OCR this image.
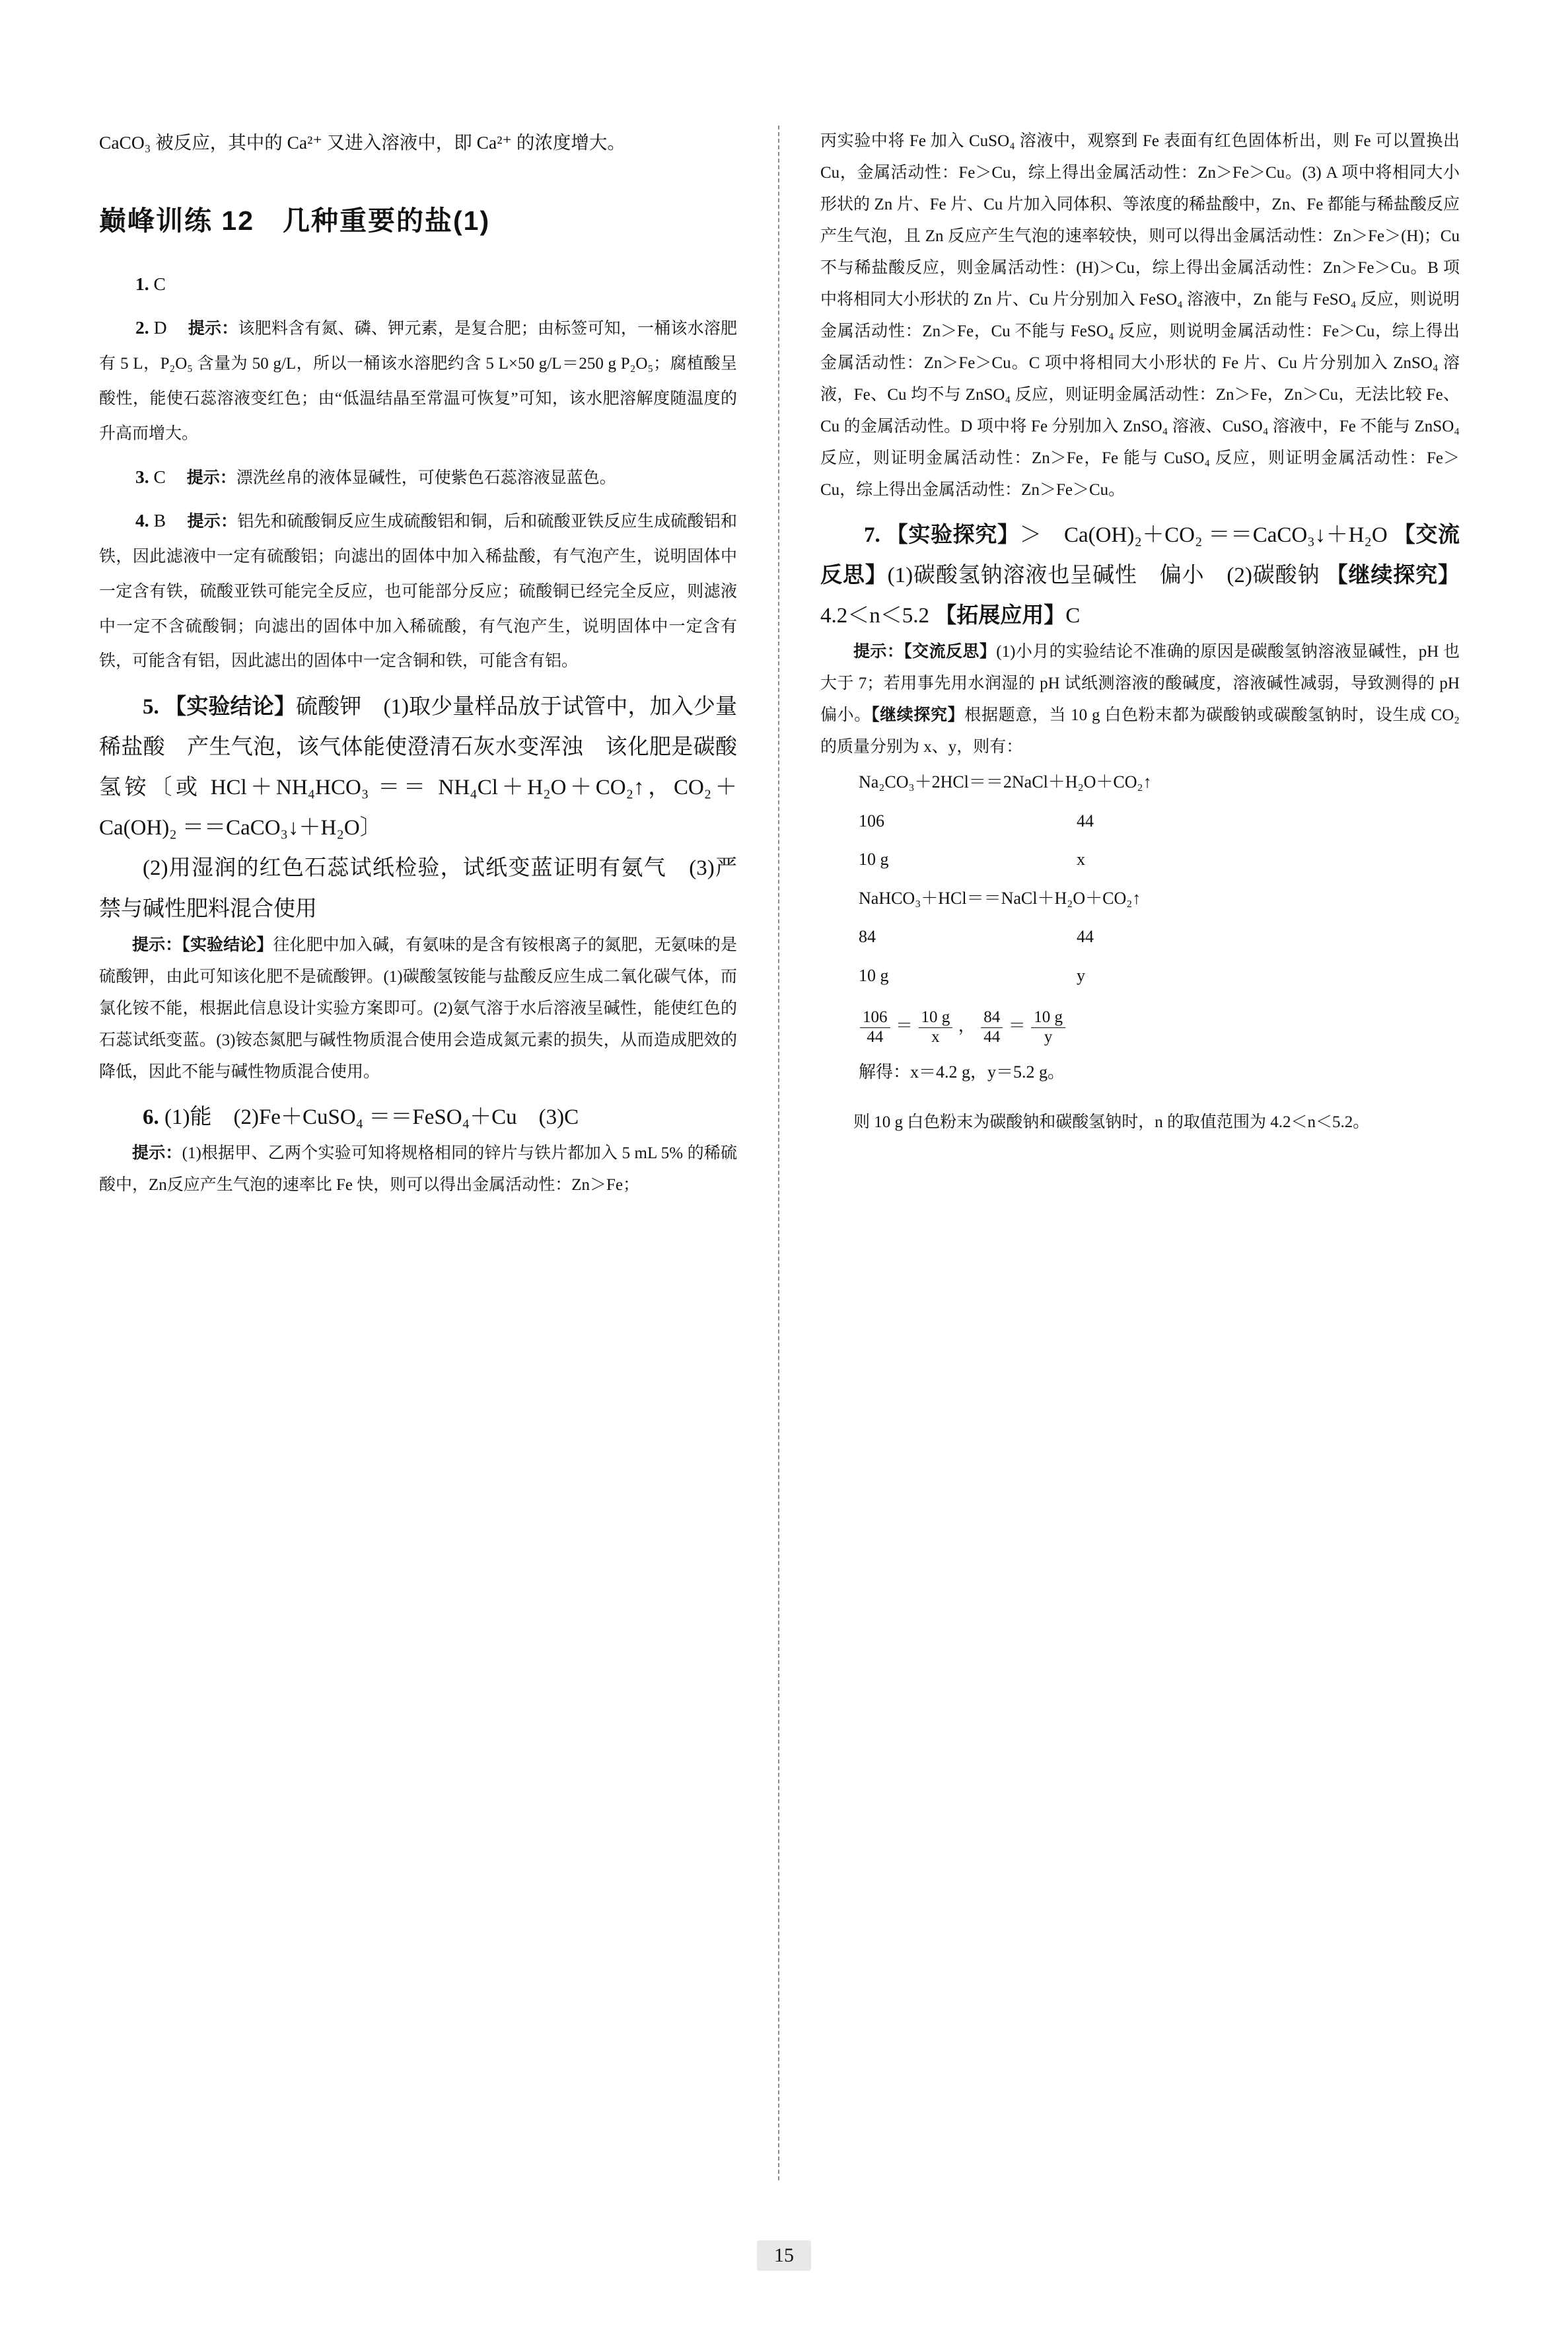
CaCO₃ 被反应，其中的 Ca²⁺ 又进入溶液中，即 Ca²⁺ 的浓度增大。

巅峰训练 12　几种重要的盐(1)

1. C

2. D 　 提示：该肥料含有氮、磷、钾元素，是复合肥；由标签可知，一桶该水溶肥有 5 L，P₂O₅ 含量为 50 g/L，所以一桶该水溶肥约含 5 L×50 g/L＝250 g P₂O₅；腐植酸呈酸性，能使石蕊溶液变红色；由“低温结晶至常温可恢复”可知，该水肥溶解度随温度的升高而增大。

3. C 　 提示：漂洗丝帛的液体显碱性，可使紫色石蕊溶液显蓝色。

4. B 　 提示：铝先和硫酸铜反应生成硫酸铝和铜，后和硫酸亚铁反应生成硫酸铝和铁，因此滤液中一定有硫酸铝；向滤出的固体中加入稀盐酸，有气泡产生，说明固体中一定含有铁，硫酸亚铁可能完全反应，也可能部分反应；硫酸铜已经完全反应，则滤液中一定不含硫酸铜；向滤出的固体中加入稀硫酸，有气泡产生，说明固体中一定含有铁，可能含有铝，因此滤出的固体中一定含铜和铁，可能含有铝。

5. 【实验结论】硫酸钾　(1)取少量样品放于试管中，加入少量稀盐酸　产生气泡，该气体能使澄清石灰水变浑浊　该化肥是碳酸氢铵〔或 HCl＋NH₄HCO₃ ＝＝ NH₄Cl＋H₂O＋CO₂↑，CO₂＋Ca(OH)₂ ＝＝CaCO₃↓＋H₂O〕

(2)用湿润的红色石蕊试纸检验，试纸变蓝证明有氨气　(3)严禁与碱性肥料混合使用

提示：【实验结论】往化肥中加入碱，有氨味的是含有铵根离子的氮肥，无氨味的是硫酸钾，由此可知该化肥不是硫酸钾。(1)碳酸氢铵能与盐酸反应生成二氧化碳气体，而氯化铵不能，根据此信息设计实验方案即可。(2)氨气溶于水后溶液呈碱性，能使红色的石蕊试纸变蓝。(3)铵态氮肥与碱性物质混合使用会造成氮元素的损失，从而造成肥效的降低，因此不能与碱性物质混合使用。

6. (1)能　(2)Fe＋CuSO₄ ＝＝FeSO₄＋Cu　(3)C

提示：(1)根据甲、乙两个实验可知将规格相同的锌片与铁片都加入 5 mL 5% 的稀硫酸中，Zn反应产生气泡的速率比 Fe 快，则可以得出金属活动性：Zn＞Fe；

丙实验中将 Fe 加入 CuSO₄ 溶液中，观察到 Fe 表面有红色固体析出，则 Fe 可以置换出 Cu，金属活动性：Fe＞Cu，综上得出金属活动性：Zn＞Fe＞Cu。(3) A 项中将相同大小形状的 Zn 片、Fe 片、Cu 片加入同体积、等浓度的稀盐酸中，Zn、Fe 都能与稀盐酸反应产生气泡，且 Zn 反应产生气泡的速率较快，则可以得出金属活动性：Zn＞Fe＞(H)；Cu 不与稀盐酸反应，则金属活动性：(H)＞Cu，综上得出金属活动性：Zn＞Fe＞Cu。B 项中将相同大小形状的 Zn 片、Cu 片分别加入 FeSO₄ 溶液中，Zn 能与 FeSO₄ 反应，则说明金属活动性：Zn＞Fe，Cu 不能与 FeSO₄ 反应，则说明金属活动性：Fe＞Cu，综上得出金属活动性：Zn＞Fe＞Cu。C 项中将相同大小形状的 Fe 片、Cu 片分别加入 ZnSO₄ 溶液，Fe、Cu 均不与 ZnSO₄ 反应，则证明金属活动性：Zn＞Fe，Zn＞Cu，无法比较 Fe、Cu 的金属活动性。D 项中将 Fe 分别加入 ZnSO₄ 溶液、CuSO₄ 溶液中，Fe 不能与 ZnSO₄ 反应，则证明金属活动性：Zn＞Fe，Fe 能与 CuSO₄ 反应，则证明金属活动性：Fe＞Cu，综上得出金属活动性：Zn＞Fe＞Cu。

7. 【实验探究】＞　Ca(OH)₂＋CO₂ ＝＝CaCO₃↓＋H₂O 【交流反思】(1)碳酸氢钠溶液也呈碱性　偏小　(2)碳酸钠 【继续探究】4.2＜n＜5.2 【拓展应用】C

提示：【交流反思】(1)小月的实验结论不准确的原因是碳酸氢钠溶液显碱性，pH 也大于 7；若用事先用水润湿的 pH 试纸测溶液的酸碱度，溶液碱性减弱，导致测得的 pH 偏小。【继续探究】根据题意，当 10 g 白色粉末都为碳酸钠或碳酸氢钠时，设生成 CO₂ 的质量分别为 x、y，则有：

Na₂CO₃＋2HCl＝＝2NaCl＋H₂O＋CO₂↑
106	44
10 g	x
NaHCO₃＋HCl＝＝NaCl＋H₂O＋CO₂↑
84	44
10 g	y
$\frac{106}{44} = \frac{10 g}{x}$ ， $\frac{84}{44} = \frac{10 g}{y}$
解得：x＝4.2 g，y＝5.2 g。

则 10 g 白色粉末为碳酸钠和碳酸氢钠时，n 的取值范围为 4.2＜n＜5.2。

15
